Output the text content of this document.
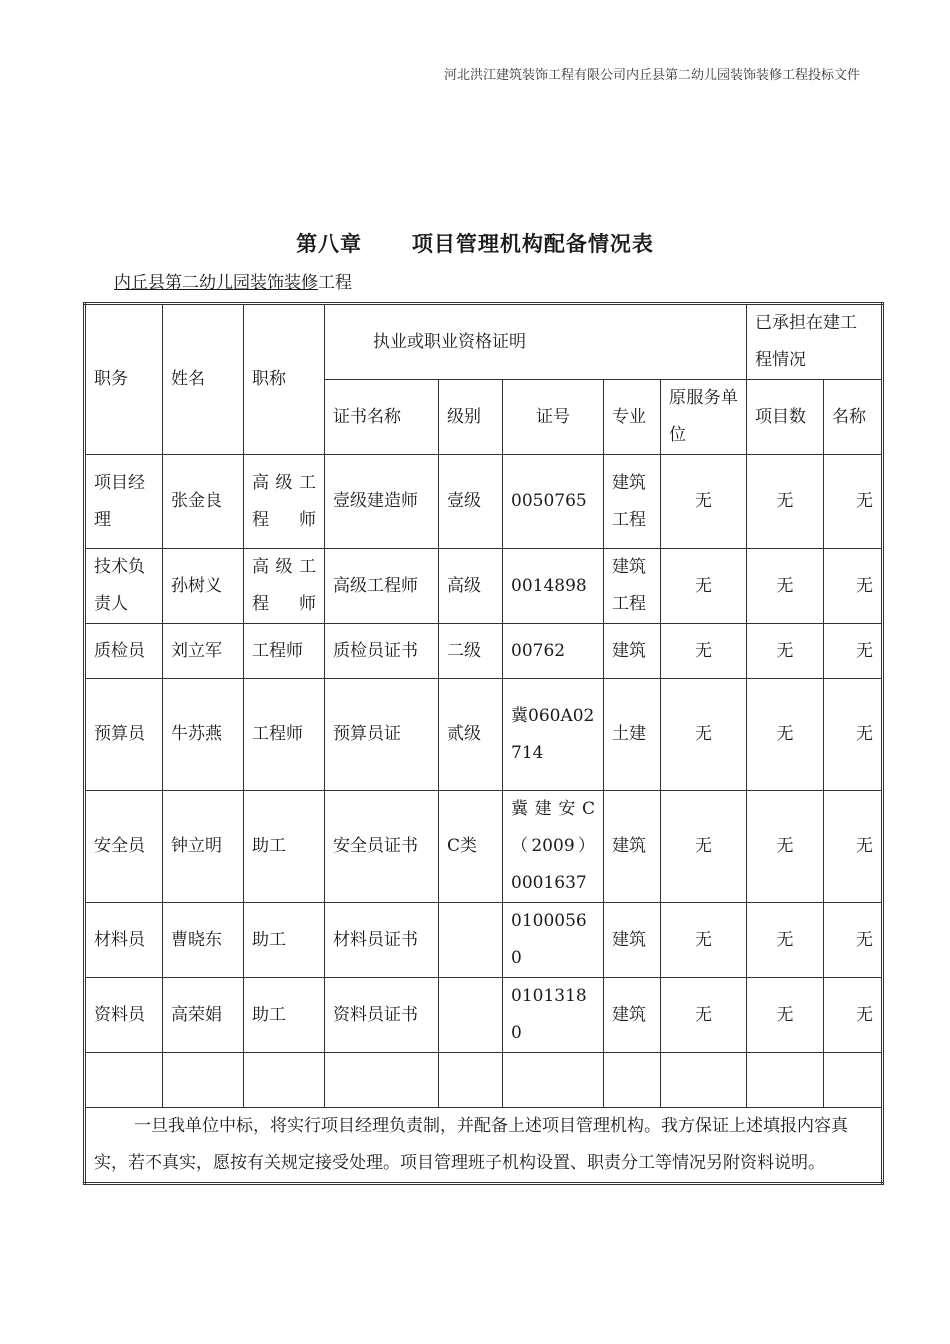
河北洪江建筑装饰工程有限公司内丘县第二幼儿园装饰装修工程投标文件
第八章      项目管理机构配备情况表
内丘县第二幼儿园装饰装修工程
职务	姓名	职称	执业或职业资格证明					已承担在建工程情况	
			证书名称	级别	证号	专业	原服务单位	项目数	名称
项目经理	张金良	高级工程师	壹级建造师	壹级	0050765	建筑工程	无	无	无
技术负责人	孙树义	高级工程师	高级工程师	高级	0014898	建筑工程	无	无	无
质检员	刘立军	工程师	质检员证书	二级	00762	建筑	无	无	无
预算员	牛苏燕	工程师	预算员证	贰级	冀060A02714	土建	无	无	无
安全员	钟立明	助工	安全员证书	C类	冀建安C（2009）0001637	建筑	无	无	无
材料员	曹晓东	助工	材料员证书		01000560	建筑	无	无	无
资料员	高荣娟	助工	资料员证书		01013180	建筑	无	无	无

一旦我单位中标，将实行项目经理负责制，并配备上述项目管理机构。我方保证上述填报内容真实，若不真实，愿按有关规定接受处理。项目管理班子机构设置、职责分工等情况另附资料说明。									
